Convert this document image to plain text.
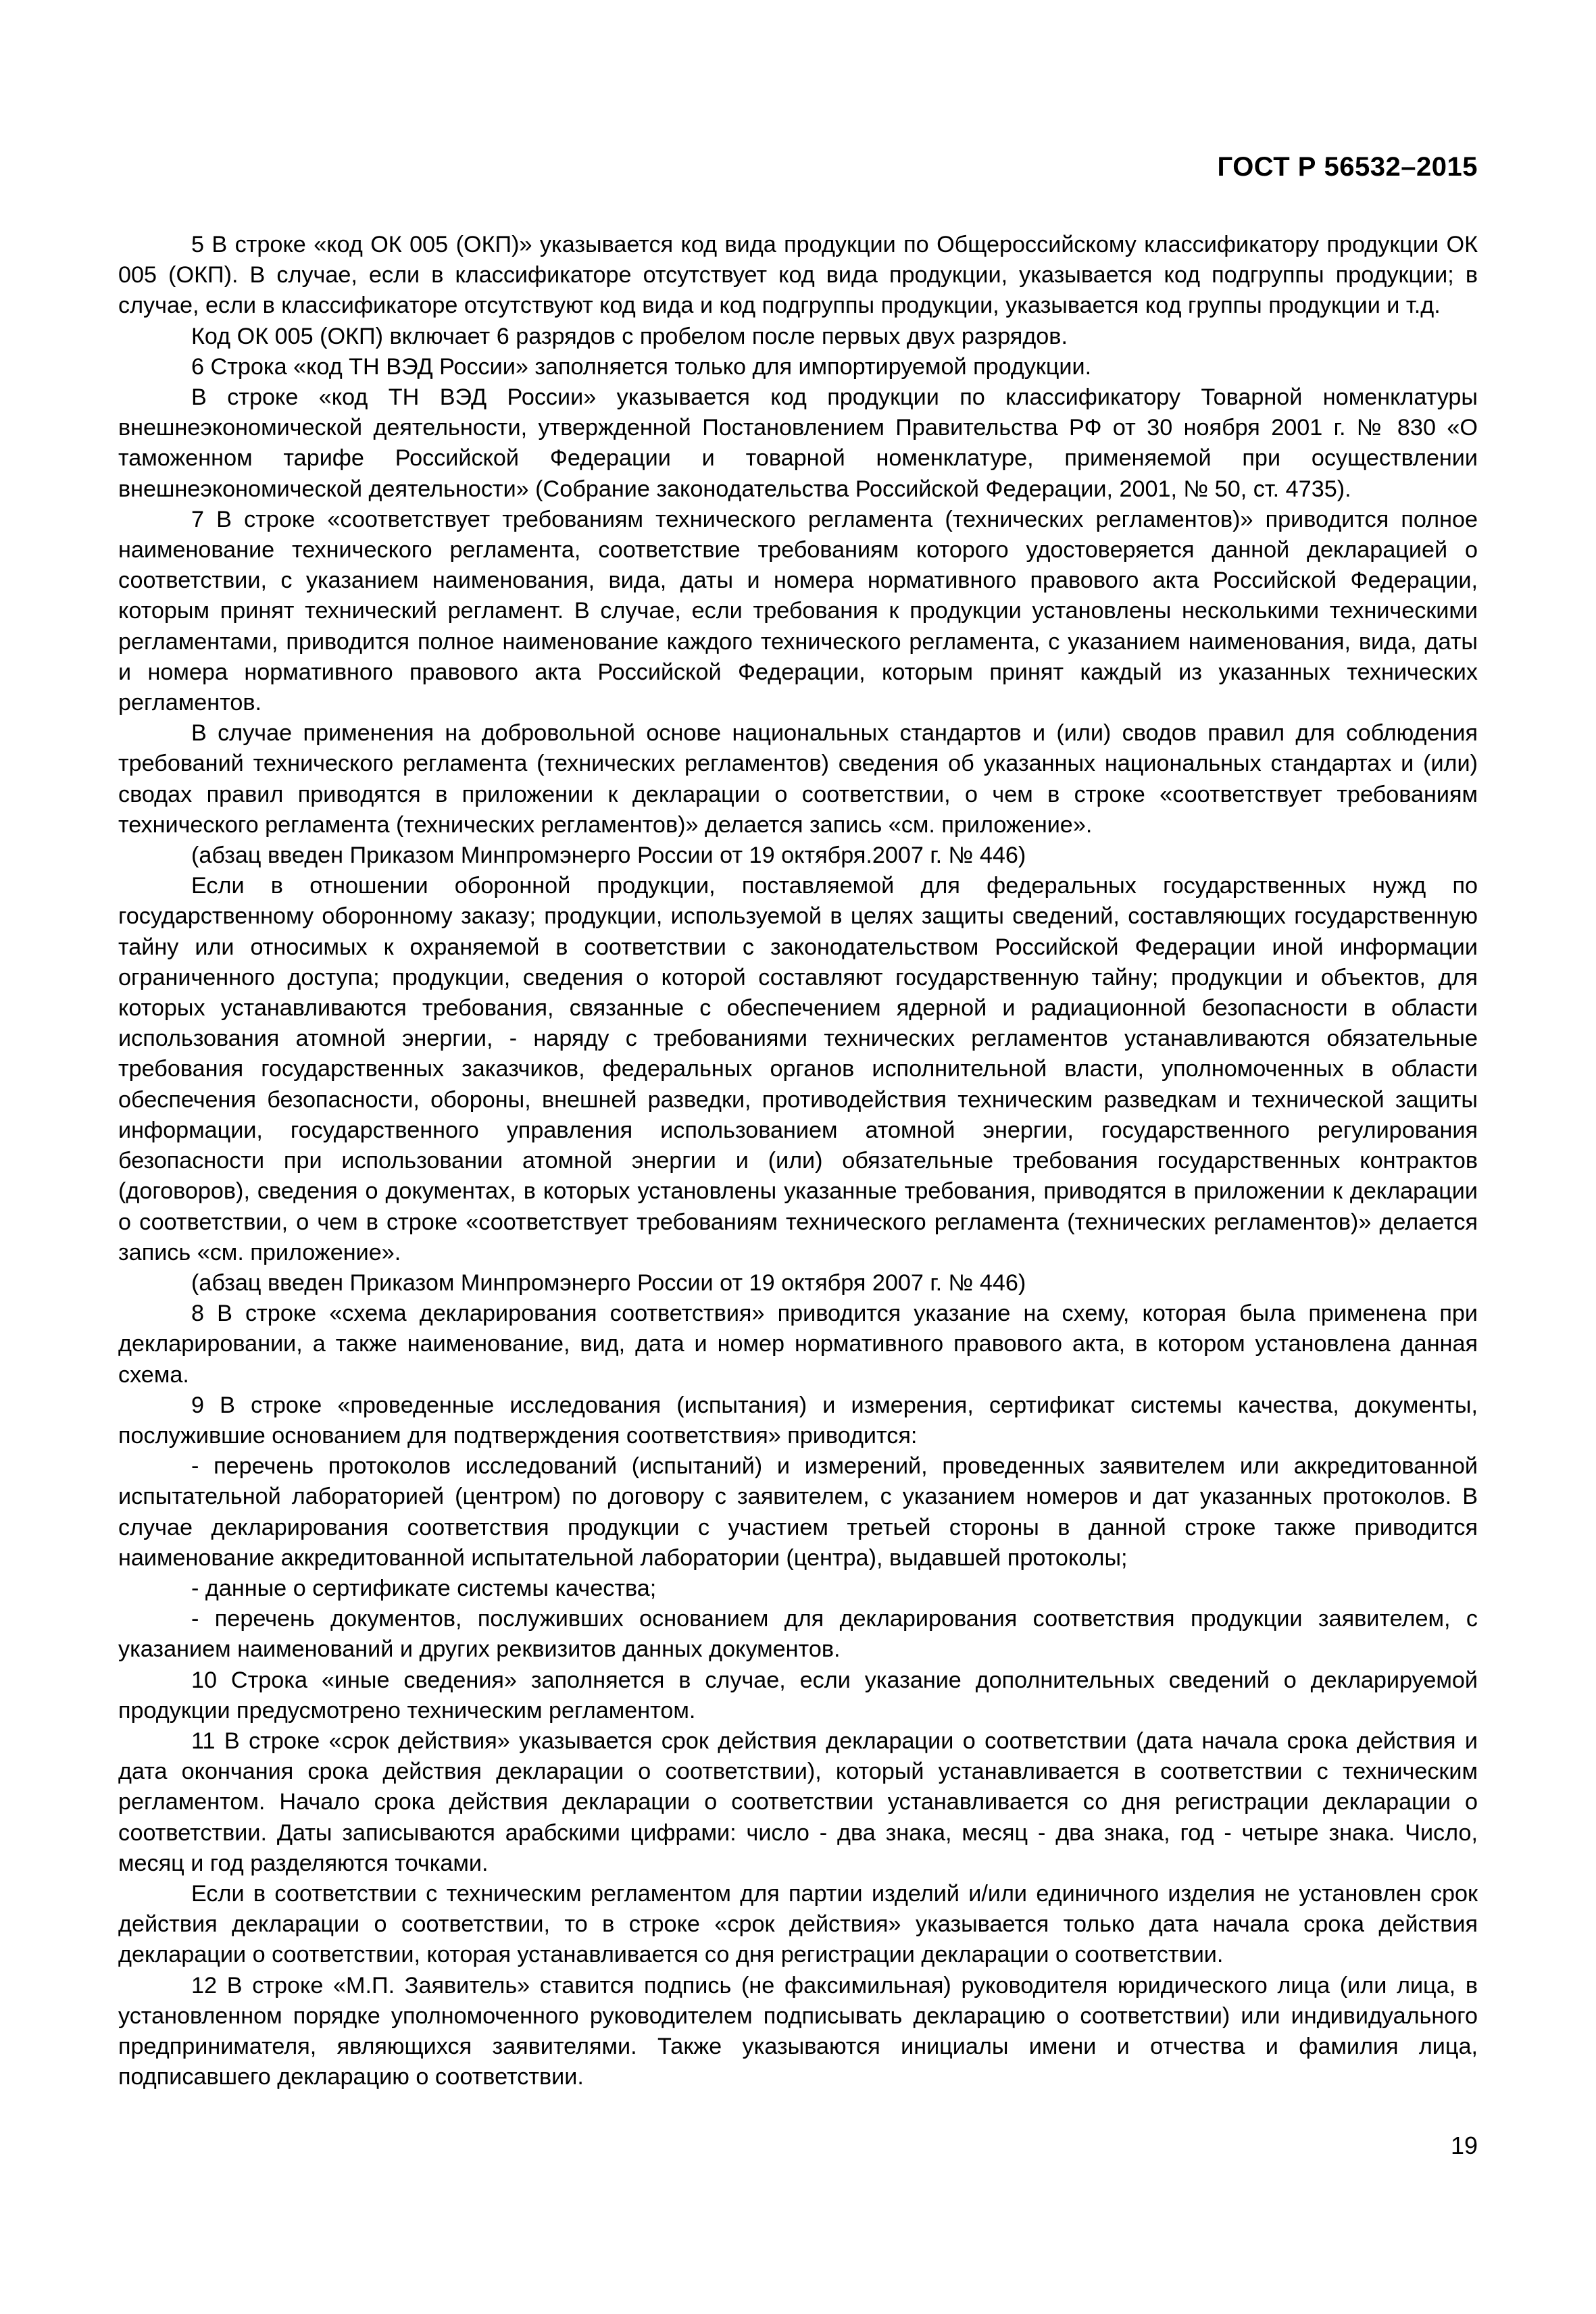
ГОСТ Р 56532–2015

5 В строке «код ОК 005 (ОКП)» указывается код вида продукции по Общероссийскому классификатору продукции ОК 005 (ОКП). В случае, если в классификаторе отсутствует код вида продукции, указывается код подгруппы продукции; в случае, если в классификаторе отсутствуют код вида и код подгруппы продукции, указывается код группы продукции и т.д.

Код ОК 005 (ОКП) включает 6 разрядов с пробелом после первых двух разрядов.

6 Строка «код ТН ВЭД России» заполняется только для импортируемой продукции.

В строке «код ТН ВЭД России» указывается код продукции по классификатору Товарной номенклатуры внешнеэкономической деятельности, утвержденной Постановлением Правительства РФ от 30 ноября 2001 г. № 830 «О таможенном тарифе Российской Федерации и товарной номенклатуре, применяемой при осуществлении внешнеэкономической деятельности» (Собрание законодательства Российской Федерации, 2001, № 50, ст. 4735).

7 В строке «соответствует требованиям технического регламента (технических регламентов)» приводится полное наименование технического регламента, соответствие требованиям которого удостоверяется данной декларацией о соответствии, с указанием наименования, вида, даты и номера нормативного правового акта Российской Федерации, которым принят технический регламент. В случае, если требования к продукции установлены несколькими техническими регламентами, приводится полное наименование каждого технического регламента, с указанием наименования, вида, даты и номера нормативного правового акта Российской Федерации, которым принят каждый из указанных технических регламентов.

В случае применения на добровольной основе национальных стандартов и (или) сводов правил для соблюдения требований технического регламента (технических регламентов) сведения об указанных национальных стандартах и (или) сводах правил приводятся в приложении к декларации о соответствии, о чем в строке «соответствует требованиям технического регламента (технических регламентов)» делается запись «см. приложение».

(абзац введен Приказом Минпромэнерго России от 19 октября.2007 г. № 446)

Если в отношении оборонной продукции, поставляемой для федеральных государственных нужд по государственному оборонному заказу; продукции, используемой в целях защиты сведений, составляющих государственную тайну или относимых к охраняемой в соответствии с законодательством Российской Федерации иной информации ограниченного доступа; продукции, сведения о которой составляют государственную тайну; продукции и объектов, для которых устанавливаются требования, связанные с обеспечением ядерной и радиационной безопасности в области использования атомной энергии, - наряду с требованиями технических регламентов устанавливаются обязательные требования государственных заказчиков, федеральных органов исполнительной власти, уполномоченных в области обеспечения безопасности, обороны, внешней разведки, противодействия техническим разведкам и технической защиты информации, государственного управления использованием атомной энергии, государственного регулирования безопасности при использовании атомной энергии и (или) обязательные требования государственных контрактов (договоров), сведения о документах, в которых установлены указанные требования, приводятся в приложении к декларации о соответствии, о чем в строке «соответствует требованиям технического регламента (технических регламентов)» делается запись «см. приложение».

(абзац введен Приказом Минпромэнерго России от 19 октября 2007 г. № 446)

8 В строке «схема декларирования соответствия» приводится указание на схему, которая была применена при декларировании, а также наименование, вид, дата и номер нормативного правового акта, в котором установлена данная схема.

9 В строке «проведенные исследования (испытания) и измерения, сертификат системы качества, документы, послужившие основанием для подтверждения соответствия» приводится:

- перечень протоколов исследований (испытаний) и измерений, проведенных заявителем или аккредитованной испытательной лабораторией (центром) по договору с заявителем, с указанием номеров и дат указанных протоколов. В случае декларирования соответствия продукции с участием третьей стороны в данной строке также приводится наименование аккредитованной испытательной лаборатории (центра), выдавшей протоколы;

- данные о сертификате системы качества;

- перечень документов, послуживших основанием для декларирования соответствия продукции заявителем, с указанием наименований и других реквизитов данных документов.

10 Строка «иные сведения» заполняется в случае, если указание дополнительных сведений о декларируемой продукции предусмотрено техническим регламентом.

11 В строке «срок действия» указывается срок действия декларации о соответствии (дата начала срока действия и дата окончания срока действия декларации о соответствии), который устанавливается в соответствии с техническим регламентом. Начало срока действия декларации о соответствии устанавливается со дня регистрации декларации о соответствии. Даты записываются арабскими цифрами: число - два знака, месяц - два знака, год - четыре знака. Число, месяц и год разделяются точками.

Если в соответствии с техническим регламентом для партии изделий и/или единичного изделия не установлен срок действия декларации о соответствии, то в строке «срок действия» указывается только дата начала срока действия декларации о соответствии, которая устанавливается со дня регистрации декларации о соответствии.

12 В строке «М.П. Заявитель» ставится подпись (не факсимильная) руководителя юридического лица (или лица, в установленном порядке уполномоченного руководителем подписывать декларацию о соответствии) или индивидуального предпринимателя, являющихся заявителями. Также указываются инициалы имени и отчества и фамилия лица, подписавшего декларацию о соответствии.

19
